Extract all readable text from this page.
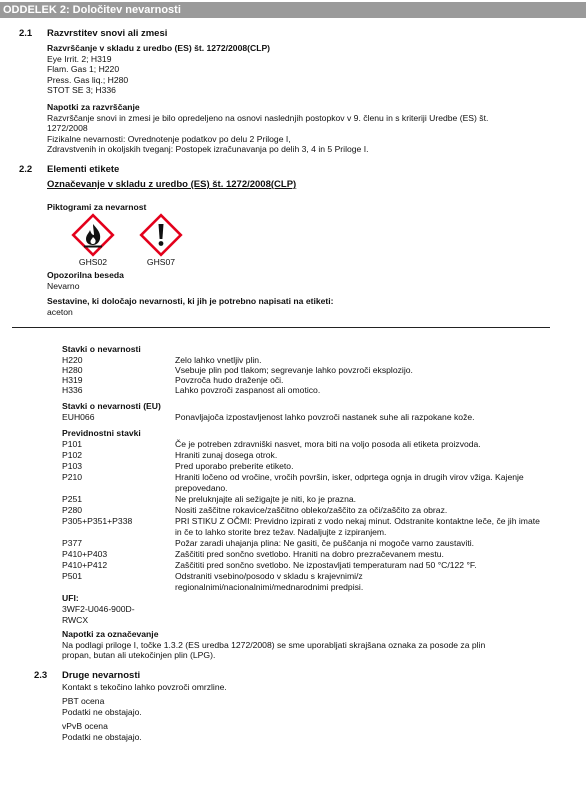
ODDELEK 2: Določitev nevarnosti
2.1 Razvrstitev snovi ali zmesi
Razvrščanje v skladu z uredbo (ES) št. 1272/2008(CLP)
Eye Irrit. 2; H319
Flam. Gas 1; H220
Press. Gas liq.; H280
STOT SE 3; H336
Napotki za razvrščanje
Razvrščanje snovi in zmesi je bilo opredeljeno na osnovi naslednjih postopkov v 9. členu in s kriteriji Uredbe (ES) št.
1272/2008
Fizikalne nevarnosti: Ovrednotenje podatkov po delu 2 Priloge I,
Zdravstvenih in okoljskih tveganj: Postopek izračunavanja po delih 3, 4 in 5 Priloge I.
2.2 Elementi etikete
Označevanje v skladu z uredbo (ES) št. 1272/2008(CLP)
Piktogrami za nevarnost
GHS02	GHS07
Opozorilna beseda
Nevarno
Sestavine, ki določajo nevarnosti, ki jih je potrebno napisati na etiketi:
aceton
Stavki o nevarnosti
H220	Zelo lahko vnetljiv plin.
H280	Vsebuje plin pod tlakom; segrevanje lahko povzroči eksplozijo.
H319	Povzroča hudo draženje oči.
H336	Lahko povzroči zaspanost ali omotico.
Stavki o nevarnosti (EU)
EUH066	Ponavljajoča izpostavljenost lahko povzroči nastanek suhe ali razpokane kože.
Previdnostni stavki
P101	Če je potreben zdravniški nasvet, mora biti na voljo posoda ali etiketa proizvoda.
P102	Hraniti zunaj dosega otrok.
P103	Pred uporabo preberite etiketo.
P210	Hraniti ločeno od vročine, vročih površin, isker, odprtega ognja in drugih virov vžiga. Kajenje prepovedano.
P251	Ne preluknjajte ali sežigajte je niti, ko je prazna.
P280	Nositi zaščitne rokavice/zaščitno obleko/zaščito za oči/zaščito za obraz.
P305+P351+P338	PRI STIKU Z OČMI: Previdno izpirati z vodo nekaj minut. Odstranite kontaktne leče, če jih imate in če to lahko storite brez težav. Nadaljujte z izpiranjem.
P377	Požar zaradi uhajanja plina: Ne gasiti, če puščanja ni mogoče varno zaustaviti.
P410+P403	Zaščititi pred sončno svetlobo. Hraniti na dobro prezračevanem mestu.
P410+P412	Zaščititi pred sončno svetlobo. Ne izpostavljati temperaturam nad 50 °C/122 °F.
P501	Odstraniti vsebino/posodo v skladu s krajevnimi/z regionalnimi/nacionalnimi/mednarodnimi predpisi.
UFI:
3WF2-U046-900D-
RWCX
Napotki za označevanje
Na podlagi priloge I, točke 1.3.2 (ES uredba 1272/2008) se sme uporabljati skrajšana oznaka za posode za plin
propan, butan ali utekočinjen plin (LPG).
2.3 Druge nevarnosti
Kontakt s tekočino lahko povzroči omrzline.
PBT ocena
Podatki ne obstajajo.
vPvB ocena
Podatki ne obstajajo.
